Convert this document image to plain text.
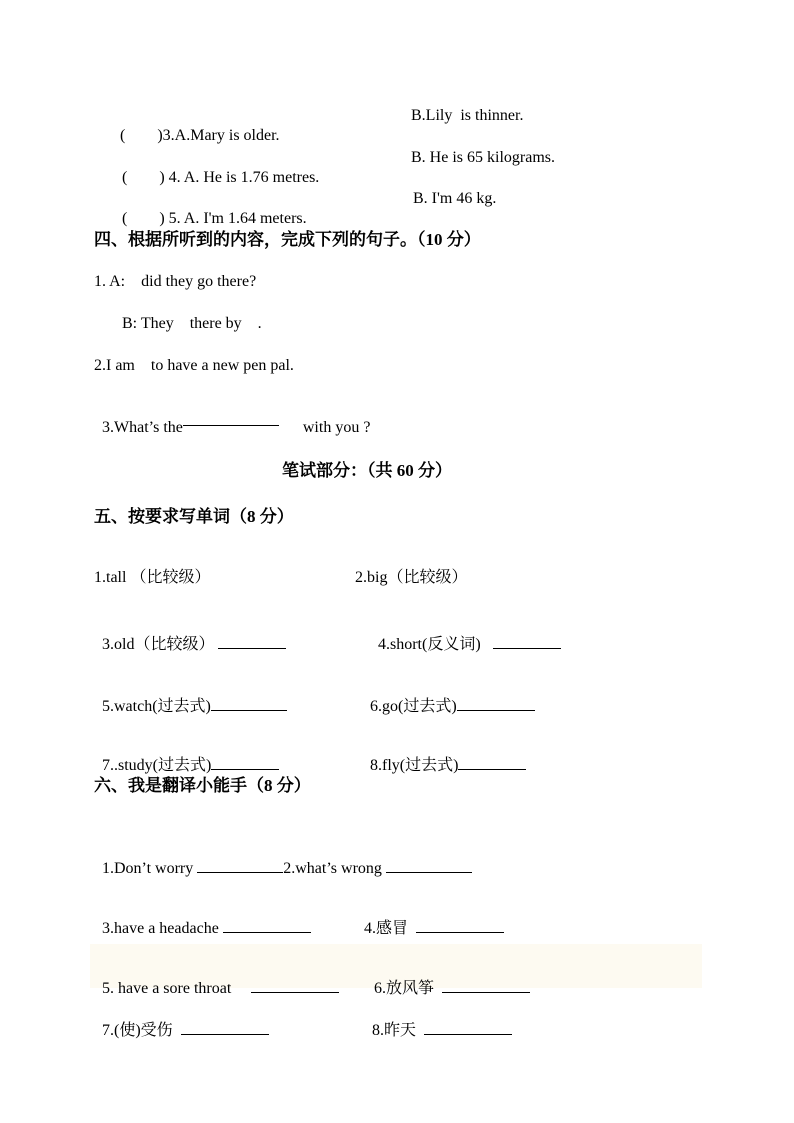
(        )3.A.Mary is older.

B.Lily  is thinner.

(        ) 4. A. He is 1.76 metres.

B. He is 65 kilograms.

(        ) 5. A. I'm 1.64 meters.

B. I'm 46 kg.
四、根据所听到的内容，完成下列的句子。（10 分）
1. A:    did they go there?
B: They    there by    .
2.I am    to have a new pen pal.

3.What’s the	with you ?

笔试部分：（共 60 分）
五、按要求写单词（8 分）
1.tall （比较级）	2.big（比较级）

3.old（比较级）	4.short(反义词)

5.watch(过去式)	6.go(过去式)

7..study(过去式)	8.fly(过去式)

六、我是翻译小能手（8 分）

1.Don’t worry	2.what’s wrong

3.have a headache	4.感冒

5. have a sore throat	6.放风筝

7.(使)受伤	8.昨天
